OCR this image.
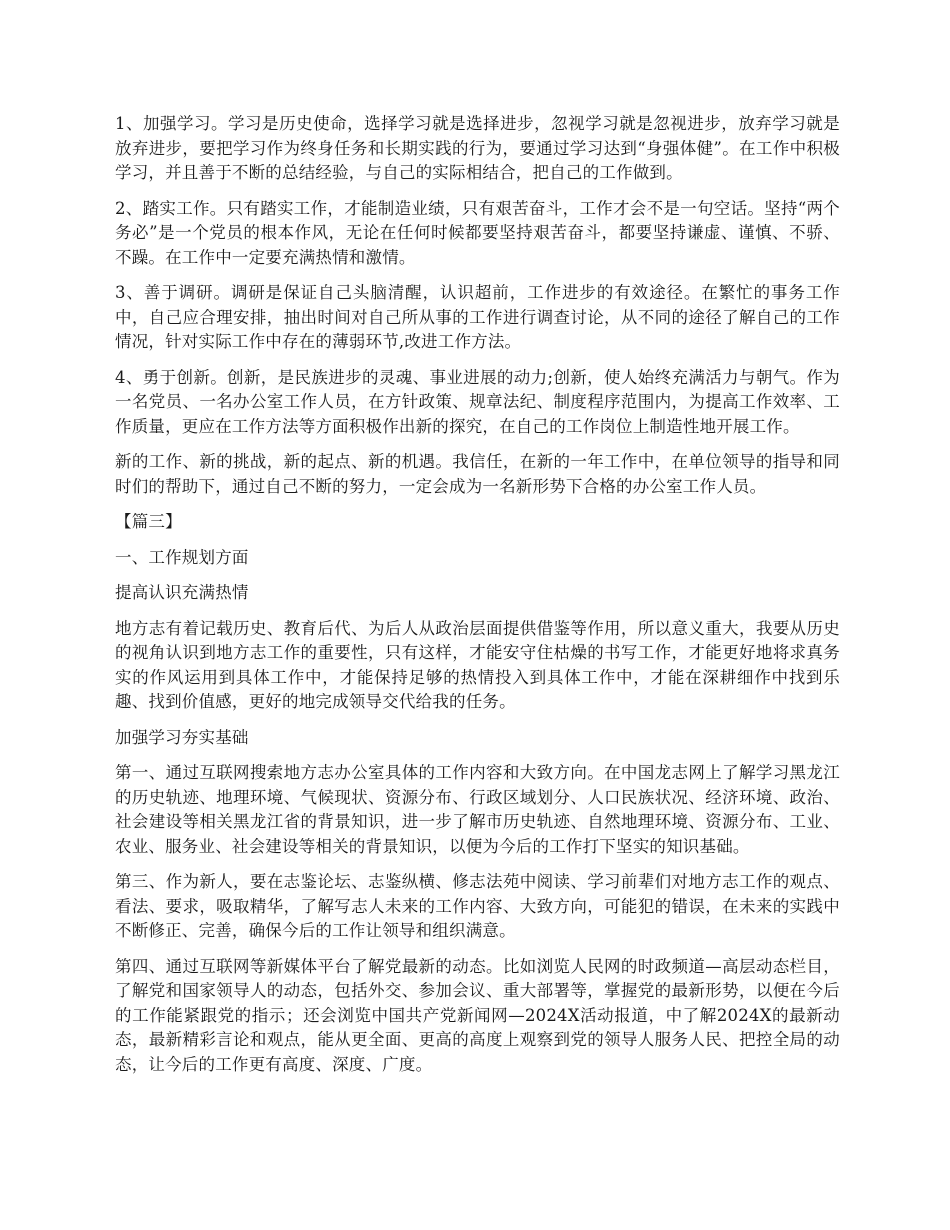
1、加强学习。学习是历史使命，选择学习就是选择进步，忽视学习就是忽视进步，放弃学习就是放弃进步，要把学习作为终身任务和长期实践的行为，要通过学习达到“身强体健”。在工作中积极学习，并且善于不断的总结经验，与自己的实际相结合，把自己的工作做到。

2、踏实工作。只有踏实工作，才能制造业绩，只有艰苦奋斗，工作才会不是一句空话。坚持“两个务必”是一个党员的根本作风，无论在任何时候都要坚持艰苦奋斗，都要坚持谦虚、谨慎、不骄、不躁。在工作中一定要充满热情和激情。

3、善于调研。调研是保证自己头脑清醒，认识超前，工作进步的有效途径。在繁忙的事务工作中，自己应合理安排，抽出时间对自己所从事的工作进行调查讨论，从不同的途径了解自己的工作情况，针对实际工作中存在的薄弱环节,改进工作方法。

4、勇于创新。创新，是民族进步的灵魂、事业进展的动力;创新，使人始终充满活力与朝气。作为一名党员、一名办公室工作人员，在方针政策、规章法纪、制度程序范围内，为提高工作效率、工作质量，更应在工作方法等方面积极作出新的探究，在自己的工作岗位上制造性地开展工作。

新的工作、新的挑战，新的起点、新的机遇。我信任，在新的一年工作中，在单位领导的指导和同时们的帮助下，通过自己不断的努力，一定会成为一名新形势下合格的办公室工作人员。

【篇三】

一、工作规划方面

提高认识充满热情

地方志有着记载历史、教育后代、为后人从政治层面提供借鉴等作用，所以意义重大，我要从历史的视角认识到地方志工作的重要性，只有这样，才能安守住枯燥的书写工作，才能更好地将求真务实的作风运用到具体工作中，才能保持足够的热情投入到具体工作中，才能在深耕细作中找到乐趣、找到价值感，更好的地完成领导交代给我的任务。

加强学习夯实基础

第一、通过互联网搜索地方志办公室具体的工作内容和大致方向。在中国龙志网上了解学习黑龙江的历史轨迹、地理环境、气候现状、资源分布、行政区域划分、人口民族状况、经济环境、政治、社会建设等相关黑龙江省的背景知识，进一步了解市历史轨迹、自然地理环境、资源分布、工业、农业、服务业、社会建设等相关的背景知识，以便为今后的工作打下坚实的知识基础。

第三、作为新人，要在志鉴论坛、志鉴纵横、修志法苑中阅读、学习前辈们对地方志工作的观点、看法、要求，吸取精华，了解写志人未来的工作内容、大致方向，可能犯的错误，在未来的实践中不断修正、完善，确保今后的工作让领导和组织满意。

第四、通过互联网等新媒体平台了解党最新的动态。比如浏览人民网的时政频道—高层动态栏目，了解党和国家领导人的动态，包括外交、参加会议、重大部署等，掌握党的最新形势，以便在今后的工作能紧跟党的指示；还会浏览中国共产党新闻网—2024X活动报道，中了解2024X的最新动态，最新精彩言论和观点，能从更全面、更高的高度上观察到党的领导人服务人民、把控全局的动态，让今后的工作更有高度、深度、广度。
